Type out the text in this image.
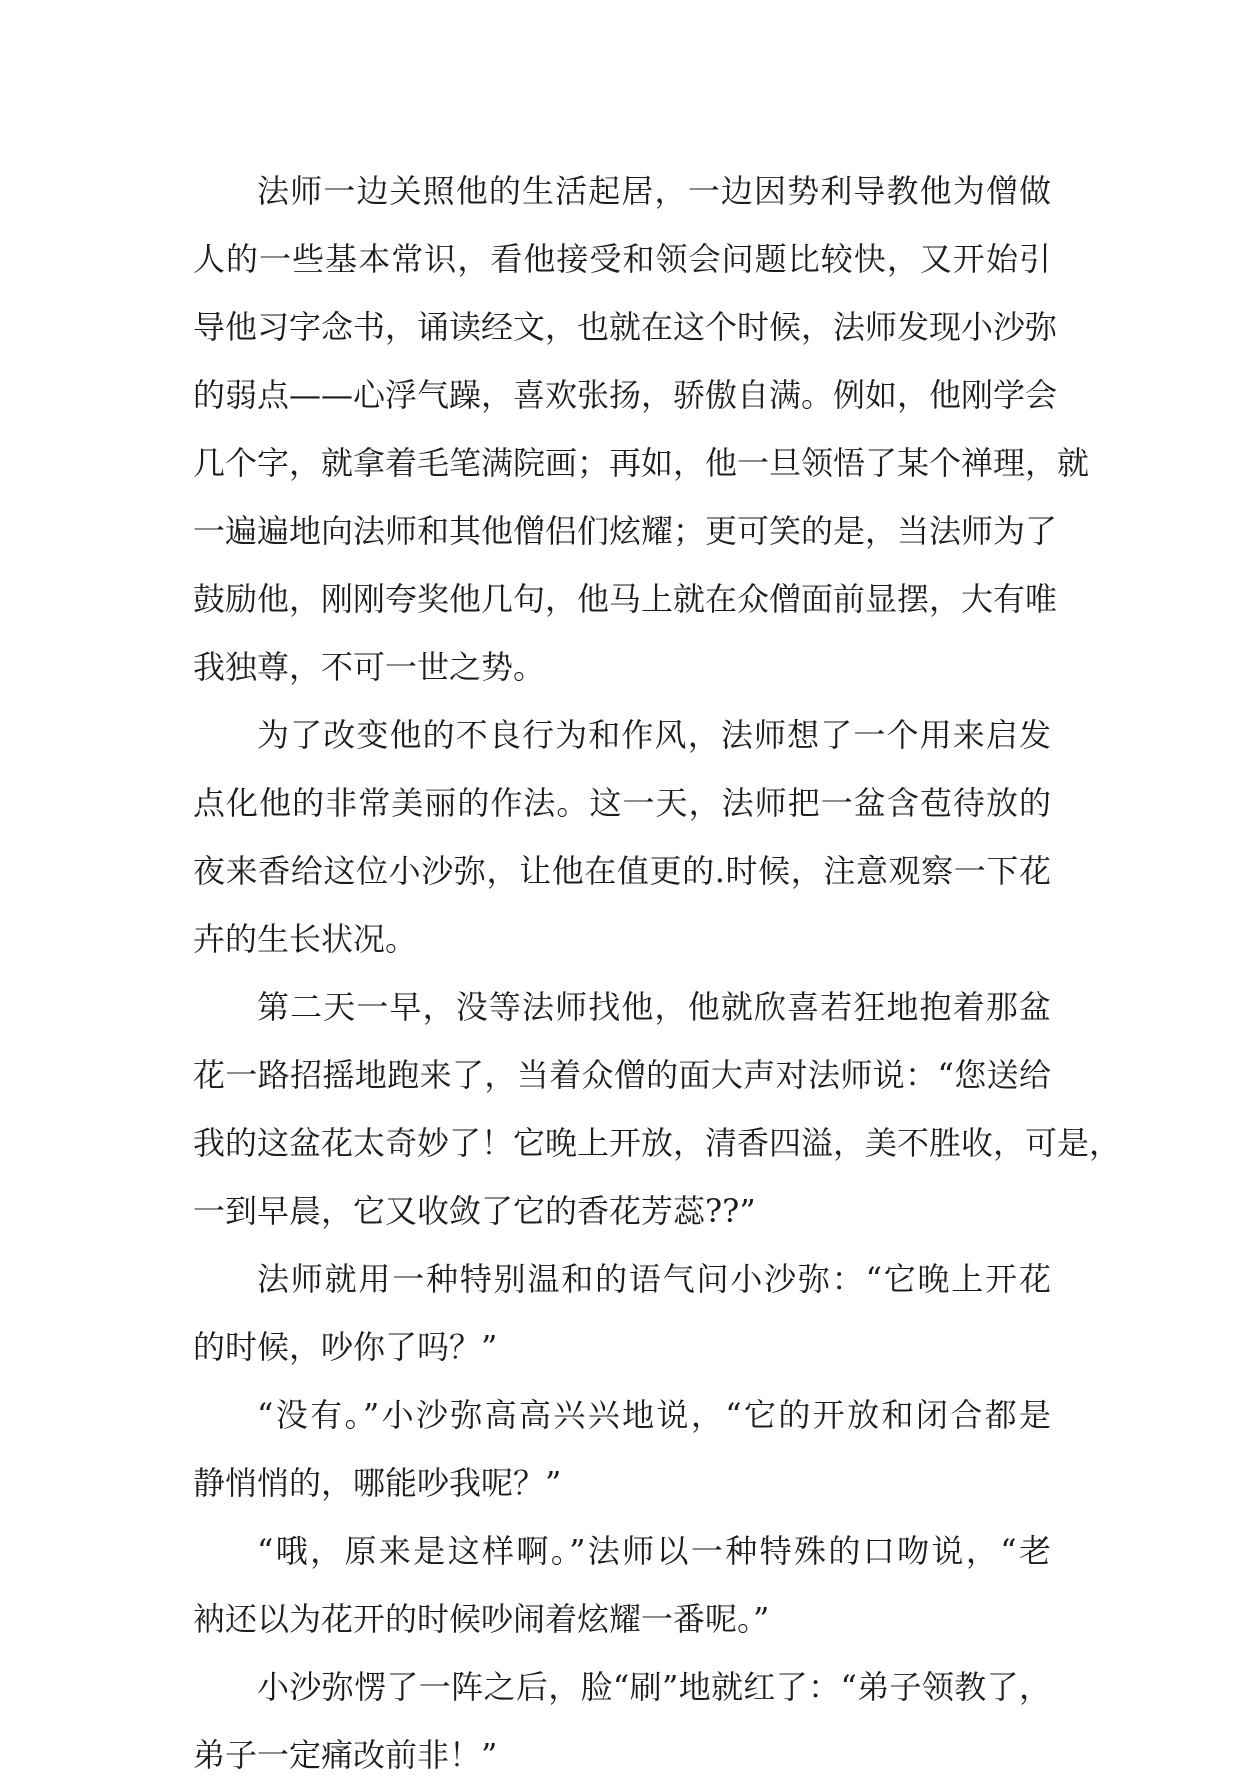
法师一边关照他的生活起居，一边因势利导教他为僧做
人的一些基本常识，看他接受和领会问题比较快，又开始引
导他习字念书，诵读经文，也就在这个时候，法师发现小沙弥
的弱点——心浮气躁，喜欢张扬，骄傲自满。例如，他刚学会
几个字，就拿着毛笔满院画；再如，他一旦领悟了某个禅理，就
一遍遍地向法师和其他僧侣们炫耀；更可笑的是，当法师为了
鼓励他，刚刚夸奖他几句，他马上就在众僧面前显摆，大有唯
我独尊，不可一世之势。
为了改变他的不良行为和作风，法师想了一个用来启发
点化他的非常美丽的作法。这一天，法师把一盆含苞待放的
夜来香给这位小沙弥，让他在值更的.时候，注意观察一下花
卉的生长状况。
第二天一早，没等法师找他，他就欣喜若狂地抱着那盆
花一路招摇地跑来了，当着众僧的面大声对法师说：“您送给
我的这盆花太奇妙了！它晚上开放，清香四溢，美不胜收，可是，
一到早晨，它又收敛了它的香花芳蕊??”
法师就用一种特别温和的语气问小沙弥：“它晚上开花
的时候，吵你了吗？”
“没有。”小沙弥高高兴兴地说，“它的开放和闭合都是
静悄悄的，哪能吵我呢？”
“哦，原来是这样啊。”法师以一种特殊的口吻说，“老
衲还以为花开的时候吵闹着炫耀一番呢。”
小沙弥愣了一阵之后，脸“刷”地就红了：“弟子领教了，
弟子一定痛改前非！”
